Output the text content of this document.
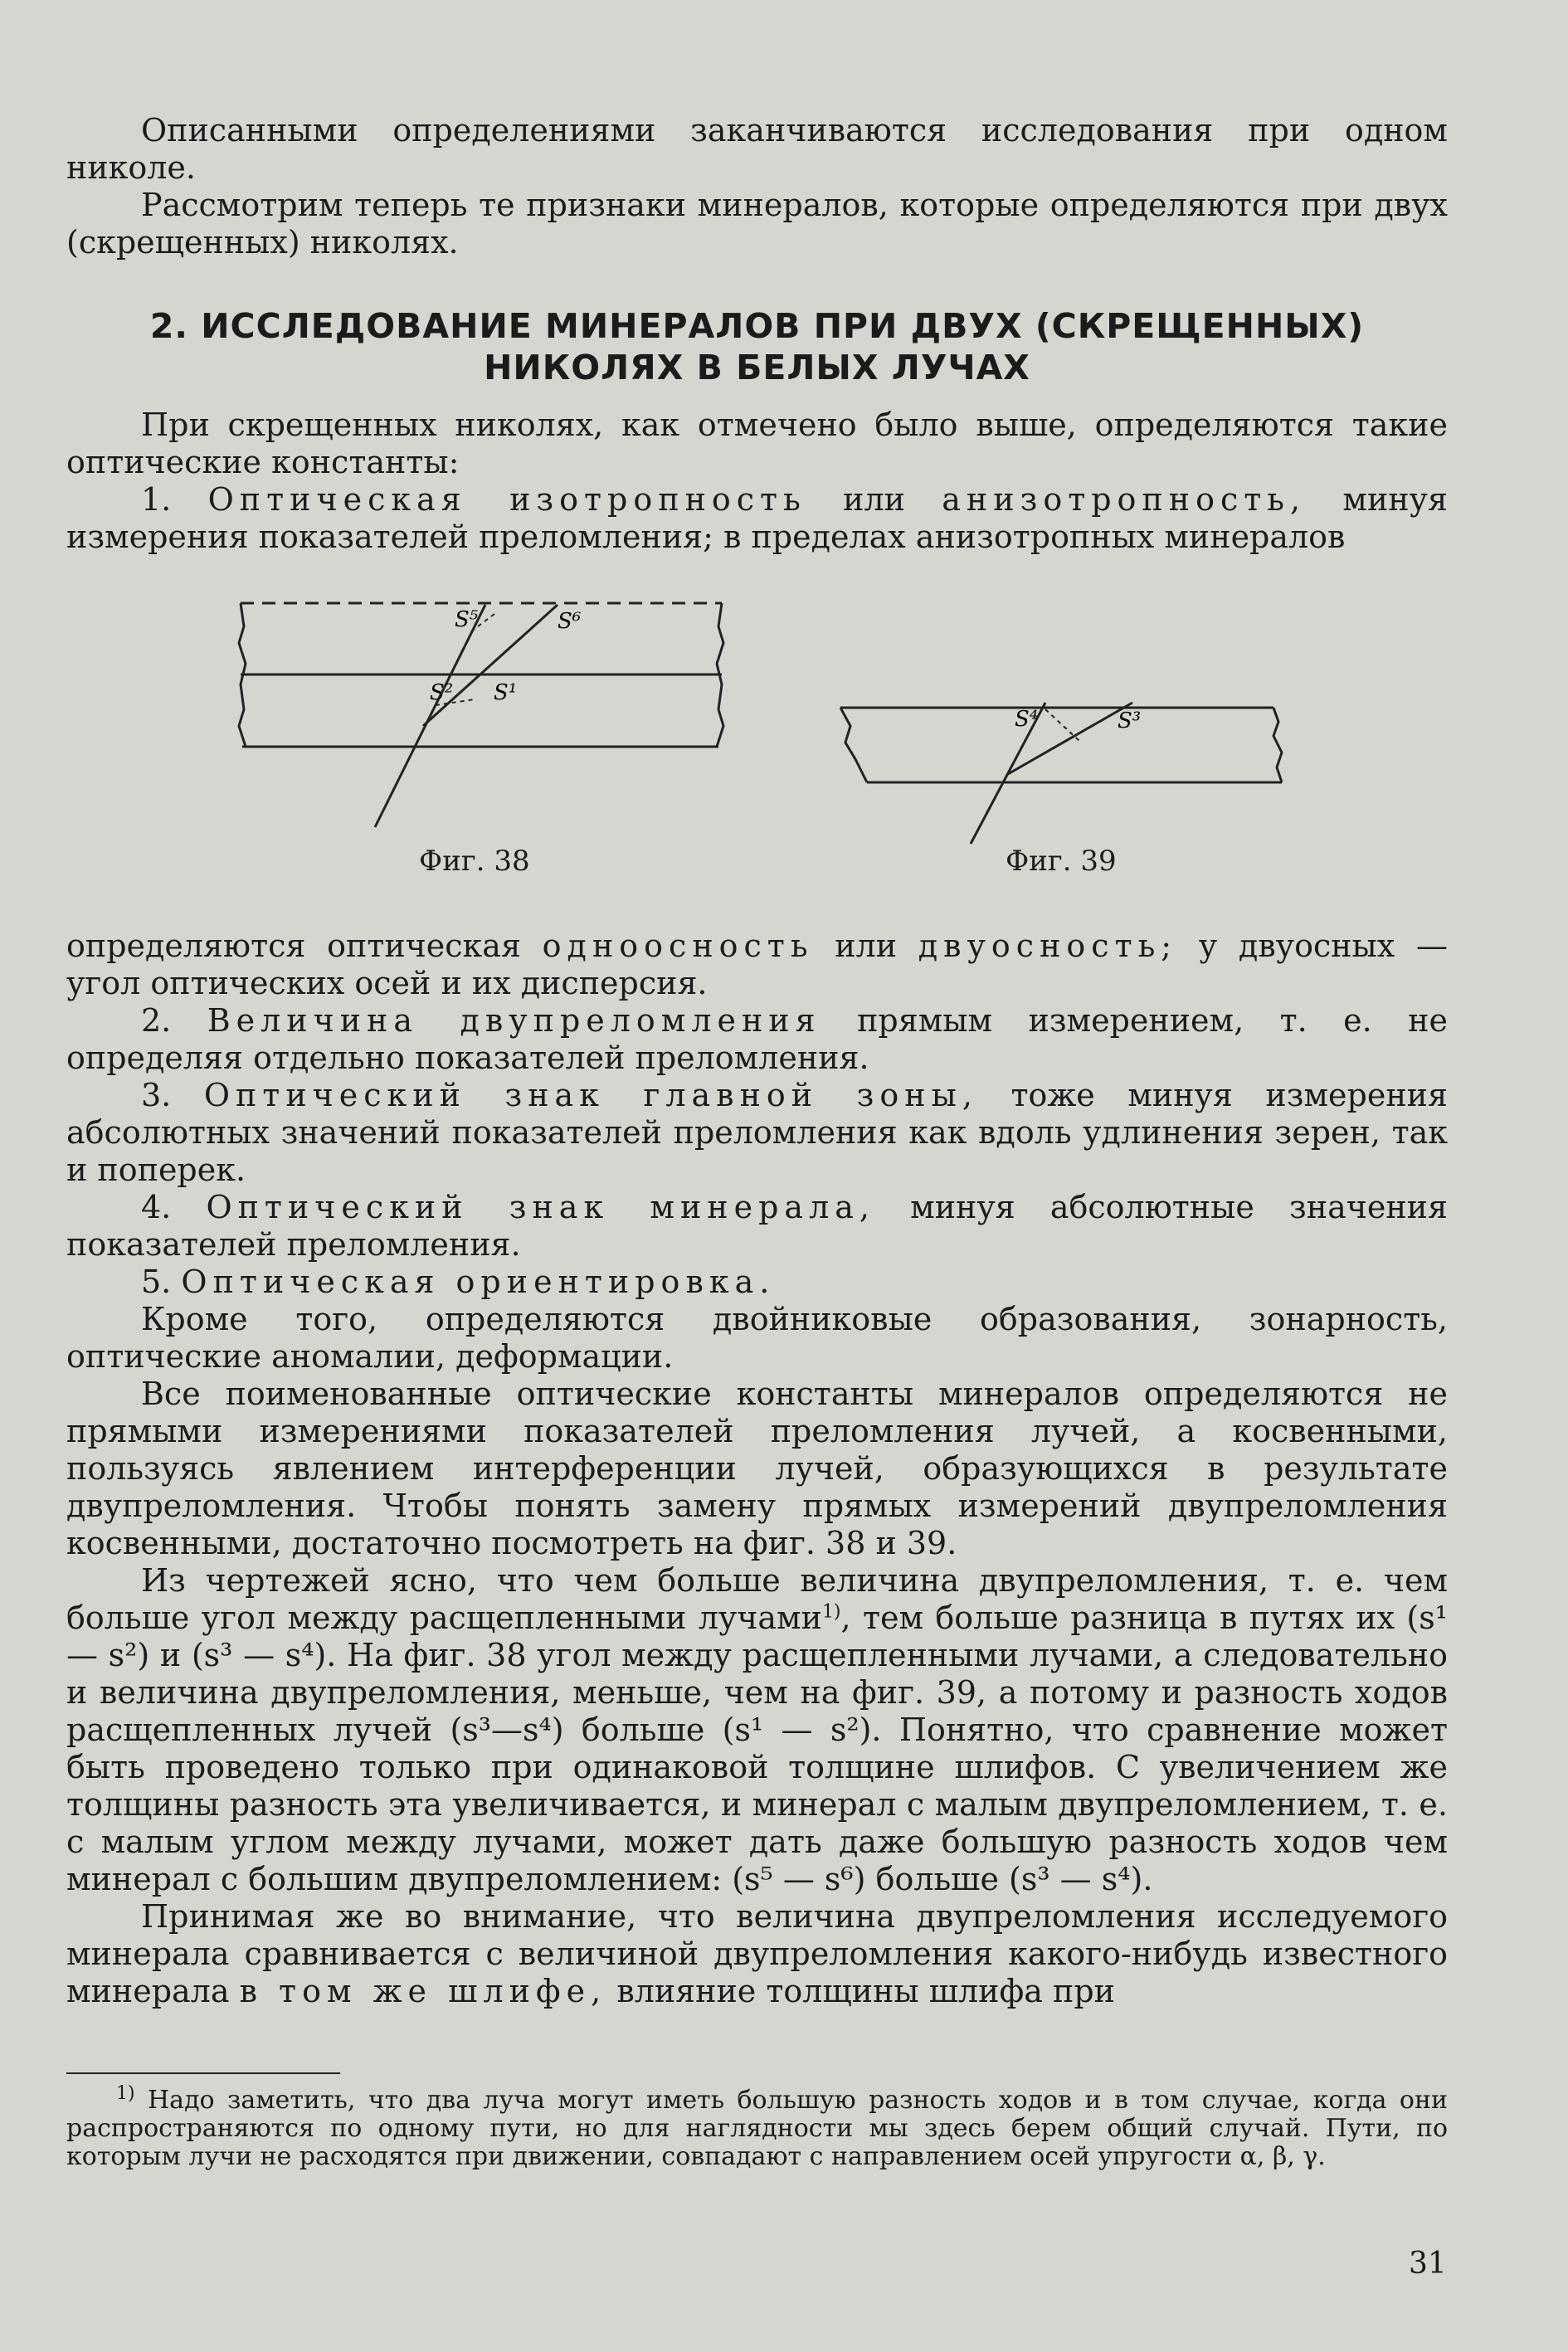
Описанными определениями заканчиваются исследования при одном николе.

Рассмотрим теперь те признаки минералов, которые определяются при двух (скрещенных) николях.

2. ИССЛЕДОВАНИЕ МИНЕРАЛОВ ПРИ ДВУХ (СКРЕЩЕННЫХ) НИКОЛЯХ В БЕЛЫХ ЛУЧАХ

При скрещенных николях, как отмечено было выше, определяются такие оптические константы:

1. Оптическая изотропность или анизотропность, минуя измерения показателей преломления; в пределах анизотропных минералов

S⁵	S⁶
S² S¹
Фиг. 38
S⁴	S³
Фиг. 39

определяются оптическая одноосность или двуосность; у двуосных — угол оптических осей и их дисперсия.

2. Величина двупреломления прямым измерением, т. е. не определяя отдельно показателей преломления.

3. Оптический знак главной зоны, тоже минуя измерения абсолютных значений показателей преломления как вдоль удлинения зерен, так и поперек.

4. Оптический знак минерала, минуя абсолютные значения показателей преломления.

5. Оптическая ориентировка.

Кроме того, определяются двойниковые образования, зонарность, оптические аномалии, деформации.

Все поименованные оптические константы минералов определяются не прямыми измерениями показателей преломления лучей, а косвенными, пользуясь явлением интерференции лучей, образующихся в результате двупреломления. Чтобы понять замену прямых измерений двупреломления косвенными, достаточно посмотреть на фиг. 38 и 39.

Из чертежей ясно, что чем больше величина двупреломления, т. е. чем больше угол между расщепленными лучами$^{1)}$, тем больше разница в путях их (s¹ — s²) и (s³ — s⁴). На фиг. 38 угол между расщепленными лучами, а следовательно и величина двупреломления, меньше, чем на фиг. 39, а потому и разность ходов расщепленных лучей (s³—s⁴) больше (s¹ — s²). Понятно, что сравнение может быть проведено только при одинаковой толщине шлифов. С увеличением же толщины разность эта увеличивается, и минерал с малым двупреломлением, т. е. с малым углом между лучами, может дать даже большую разность ходов чем минерал с большим двупреломлением: (s⁵ — s⁶) больше (s³ — s⁴).

Принимая же во внимание, что величина двупреломления исследуемого минерала сравнивается с величиной двупреломления какого-нибудь известного минерала в том же шлифе, влияние толщины шлифа при

$^{1)}$ Надо заметить, что два луча могут иметь большую разность ходов и в том случае, когда они распространяются по одному пути, но для наглядности мы здесь берем общий случай. Пути, по которым лучи не расходятся при движении, совпадают с направлением осей упругости α, β, γ.

31
